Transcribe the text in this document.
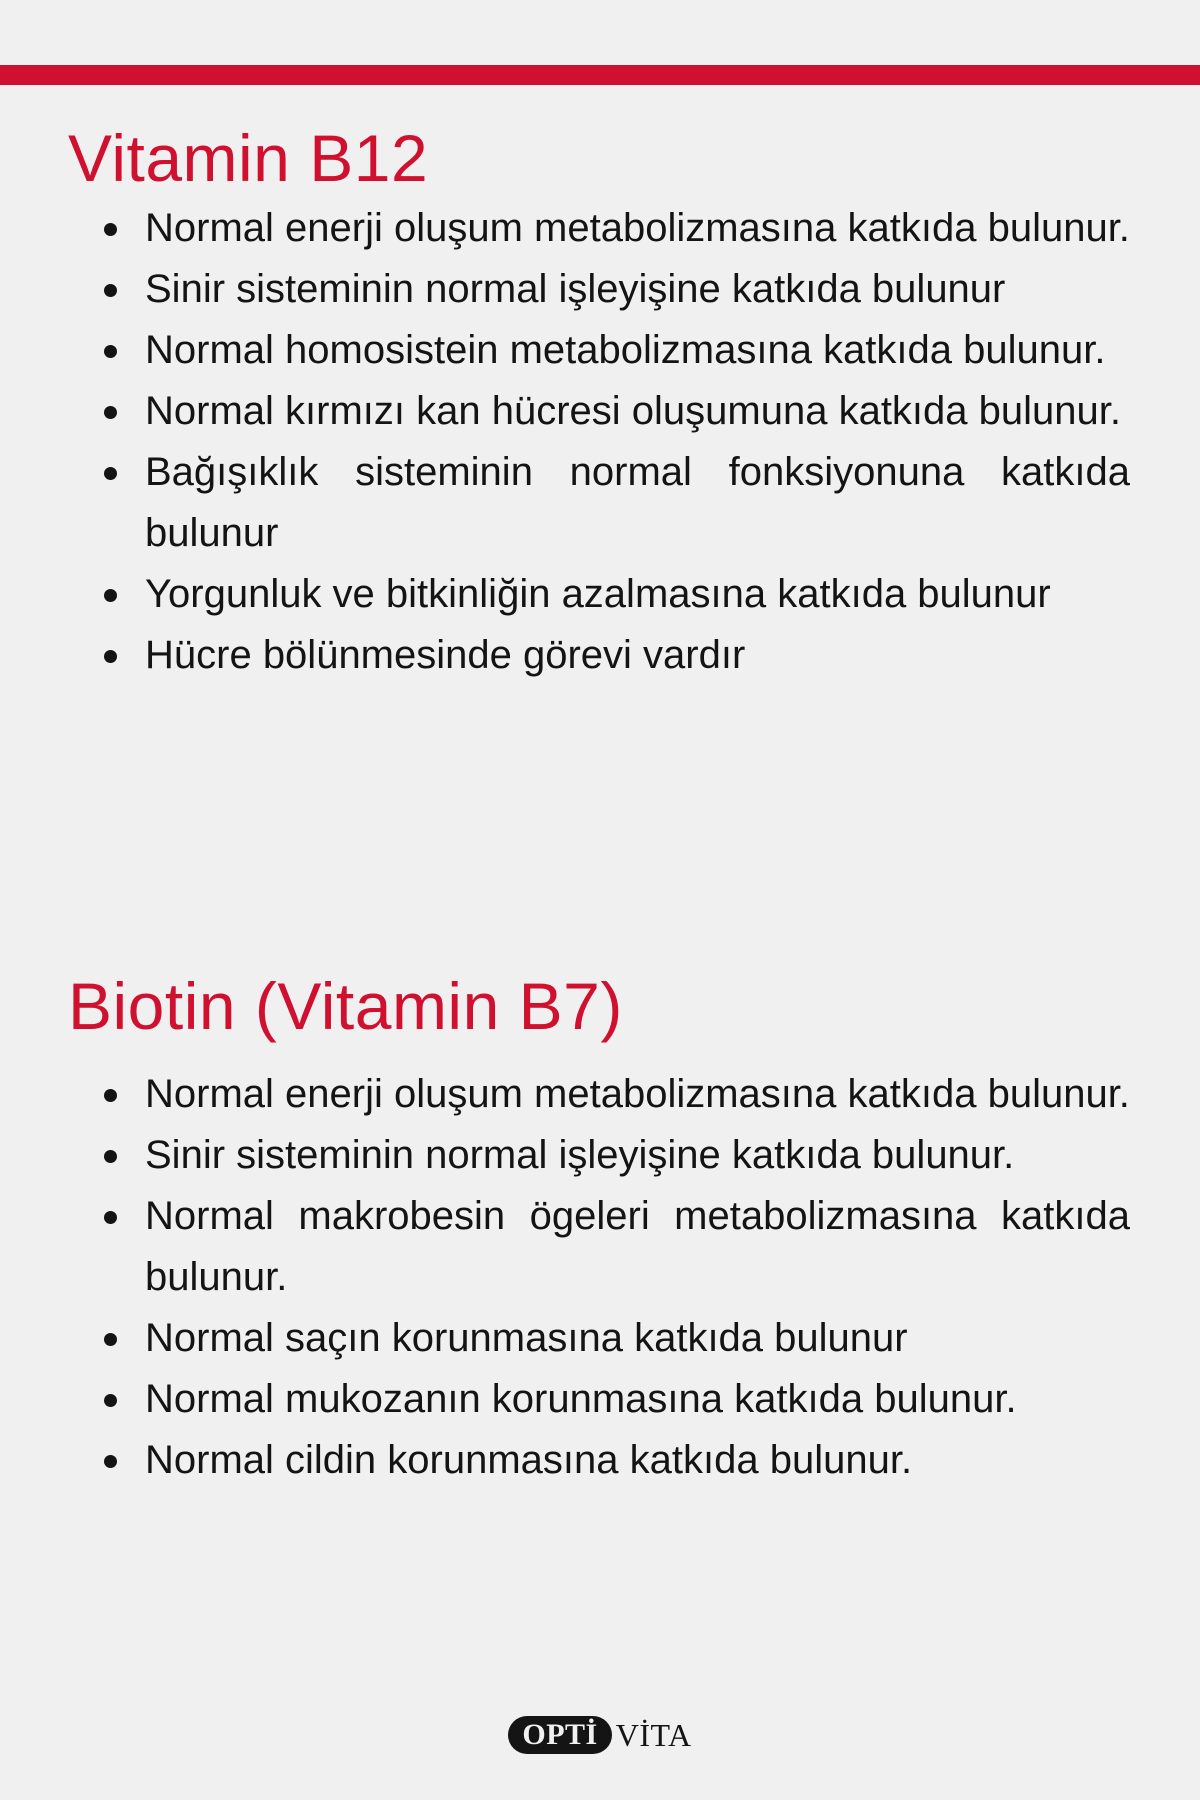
Vitamin B12
Normal enerji oluşum metabolizmasına katkıda bulunur.
Sinir sisteminin normal işleyişine katkıda bulunur
Normal homosistein metabolizmasına katkıda bulunur.
Normal kırmızı kan hücresi oluşumuna katkıda bulunur.
Bağışıklık sisteminin normal fonksiyonuna katkıda bulunur
Yorgunluk ve bitkinliğin azalmasına katkıda bulunur
Hücre bölünmesinde görevi vardır
Biotin (Vitamin B7)
Normal enerji oluşum metabolizmasına katkıda bulunur.
Sinir sisteminin normal işleyişine katkıda bulunur.
Normal makrobesin ögeleri metabolizmasına katkıda bulunur.
Normal saçın korunmasına katkıda bulunur
Normal mukozanın korunmasına katkıda bulunur.
Normal cildin korunmasına katkıda bulunur.
OPTİ VİTA
